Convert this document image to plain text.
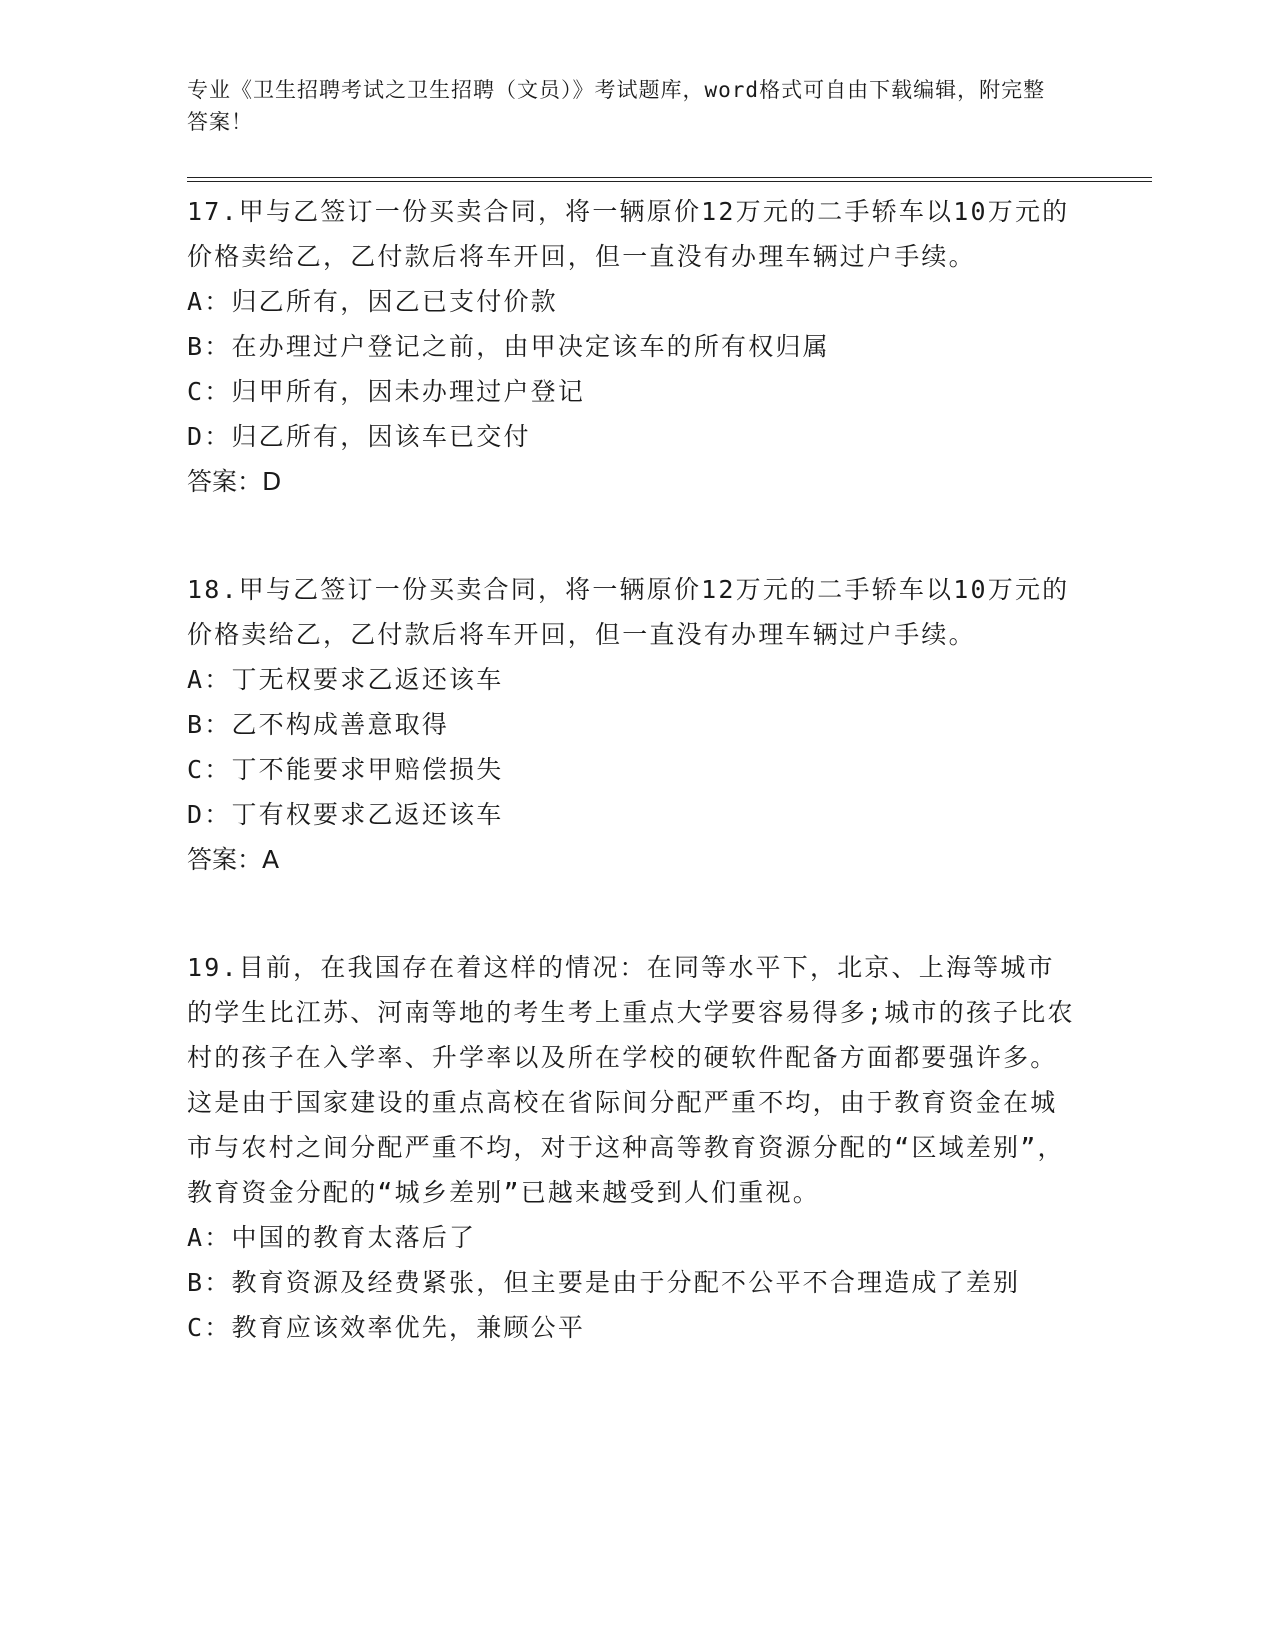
专业《卫生招聘考试之卫生招聘（文员）》考试题库，word格式可自由下载编辑，附完整答案！

17.甲与乙签订一份买卖合同，将一辆原价12万元的二手轿车以10万元的价格卖给乙，乙付款后将车开回，但一直没有办理车辆过户手续。

A：归乙所有，因乙已支付价款

B：在办理过户登记之前，由甲决定该车的所有权归属

C：归甲所有，因未办理过户登记

D：归乙所有，因该车已交付

答案：D

18.甲与乙签订一份买卖合同，将一辆原价12万元的二手轿车以10万元的价格卖给乙，乙付款后将车开回，但一直没有办理车辆过户手续。

A：丁无权要求乙返还该车

B：乙不构成善意取得

C：丁不能要求甲赔偿损失

D：丁有权要求乙返还该车

答案：A

19.目前，在我国存在着这样的情况：在同等水平下，北京、上海等城市的学生比江苏、河南等地的考生考上重点大学要容易得多;城市的孩子比农村的孩子在入学率、升学率以及所在学校的硬软件配备方面都要强许多。这是由于国家建设的重点高校在省际间分配严重不均，由于教育资金在城市与农村之间分配严重不均，对于这种高等教育资源分配的“区域差别”，教育资金分配的“城乡差别”已越来越受到人们重视。

A：中国的教育太落后了

B：教育资源及经费紧张，但主要是由于分配不公平不合理造成了差别

C：教育应该效率优先，兼顾公平
